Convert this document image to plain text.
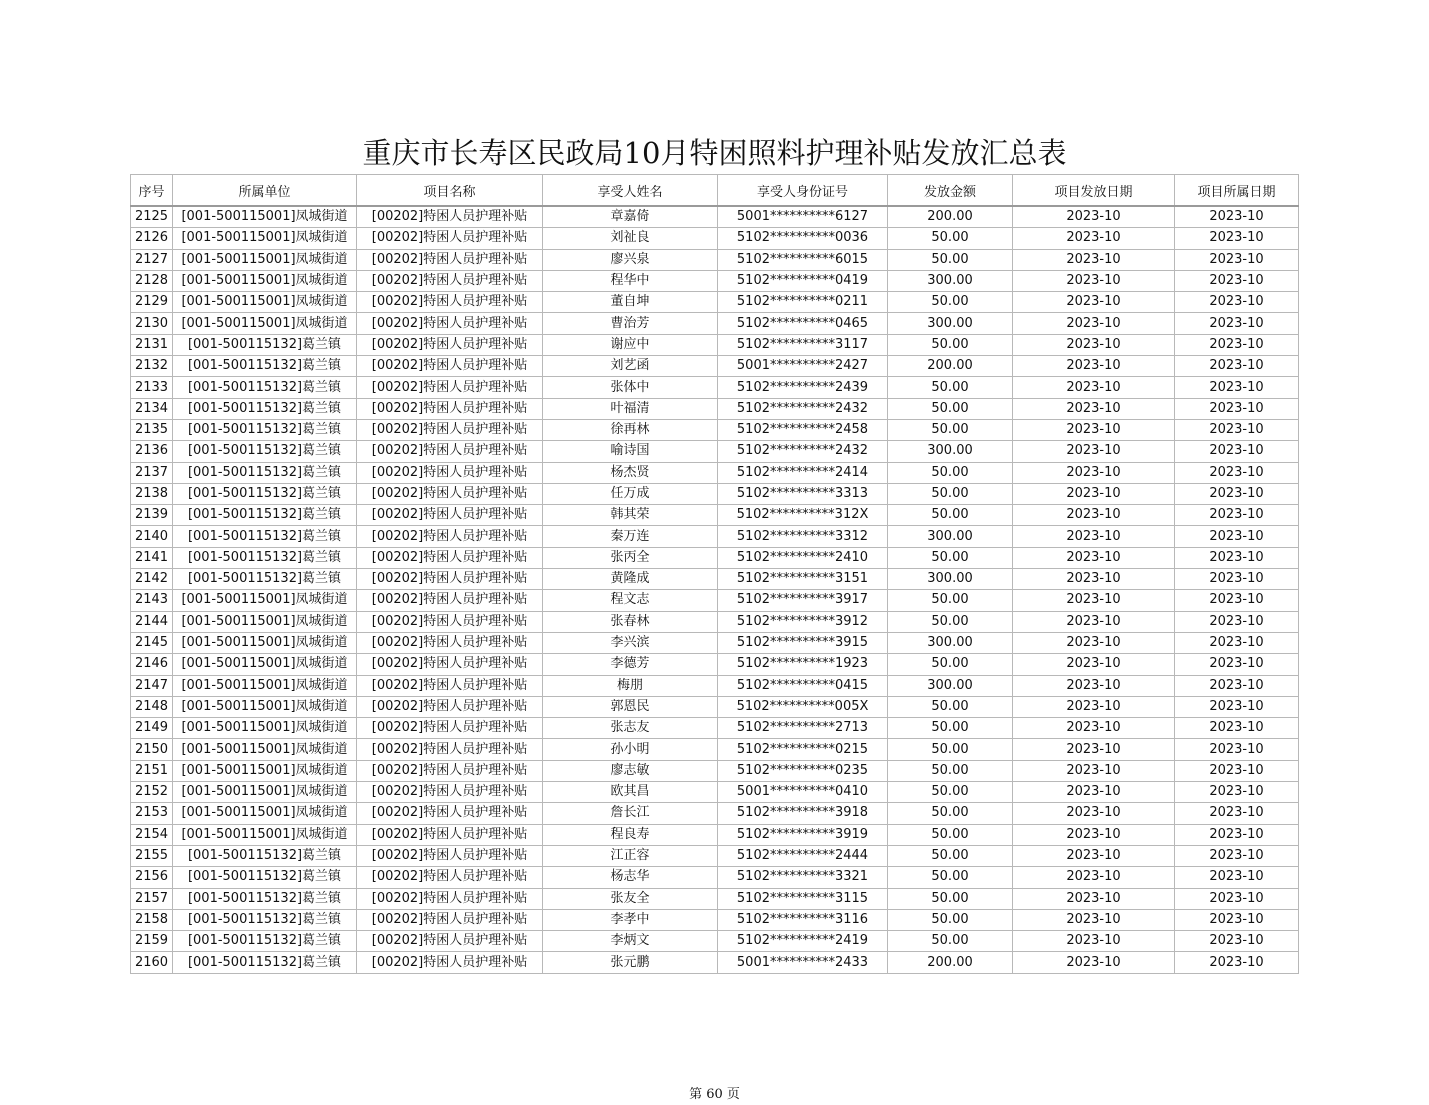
重庆市长寿区民政局10月特困照料护理补贴发放汇总表
序号	所属单位	项目名称	享受人姓名	享受人身份证号	发放金额	项目发放日期	项目所属日期
2125	[001-500115001]凤城街道	[00202]特困人员护理补贴	章嘉倚	5001**********6127	200.00	2023-10	2023-10
2126	[001-500115001]凤城街道	[00202]特困人员护理补贴	刘祉良	5102**********0036	50.00	2023-10	2023-10
2127	[001-500115001]凤城街道	[00202]特困人员护理补贴	廖兴泉	5102**********6015	50.00	2023-10	2023-10
2128	[001-500115001]凤城街道	[00202]特困人员护理补贴	程华中	5102**********0419	300.00	2023-10	2023-10
2129	[001-500115001]凤城街道	[00202]特困人员护理补贴	董自坤	5102**********0211	50.00	2023-10	2023-10
2130	[001-500115001]凤城街道	[00202]特困人员护理补贴	曹治芳	5102**********0465	300.00	2023-10	2023-10
2131	[001-500115132]葛兰镇	[00202]特困人员护理补贴	谢应中	5102**********3117	50.00	2023-10	2023-10
2132	[001-500115132]葛兰镇	[00202]特困人员护理补贴	刘艺函	5001**********2427	200.00	2023-10	2023-10
2133	[001-500115132]葛兰镇	[00202]特困人员护理补贴	张体中	5102**********2439	50.00	2023-10	2023-10
2134	[001-500115132]葛兰镇	[00202]特困人员护理补贴	叶福清	5102**********2432	50.00	2023-10	2023-10
2135	[001-500115132]葛兰镇	[00202]特困人员护理补贴	徐再林	5102**********2458	50.00	2023-10	2023-10
2136	[001-500115132]葛兰镇	[00202]特困人员护理补贴	喻诗国	5102**********2432	300.00	2023-10	2023-10
2137	[001-500115132]葛兰镇	[00202]特困人员护理补贴	杨杰贤	5102**********2414	50.00	2023-10	2023-10
2138	[001-500115132]葛兰镇	[00202]特困人员护理补贴	任万成	5102**********3313	50.00	2023-10	2023-10
2139	[001-500115132]葛兰镇	[00202]特困人员护理补贴	韩其荣	5102**********312X	50.00	2023-10	2023-10
2140	[001-500115132]葛兰镇	[00202]特困人员护理补贴	秦万连	5102**********3312	300.00	2023-10	2023-10
2141	[001-500115132]葛兰镇	[00202]特困人员护理补贴	张丙全	5102**********2410	50.00	2023-10	2023-10
2142	[001-500115132]葛兰镇	[00202]特困人员护理补贴	黄隆成	5102**********3151	300.00	2023-10	2023-10
2143	[001-500115001]凤城街道	[00202]特困人员护理补贴	程文志	5102**********3917	50.00	2023-10	2023-10
2144	[001-500115001]凤城街道	[00202]特困人员护理补贴	张春林	5102**********3912	50.00	2023-10	2023-10
2145	[001-500115001]凤城街道	[00202]特困人员护理补贴	李兴滨	5102**********3915	300.00	2023-10	2023-10
2146	[001-500115001]凤城街道	[00202]特困人员护理补贴	李德芳	5102**********1923	50.00	2023-10	2023-10
2147	[001-500115001]凤城街道	[00202]特困人员护理补贴	梅朋	5102**********0415	300.00	2023-10	2023-10
2148	[001-500115001]凤城街道	[00202]特困人员护理补贴	郭恩民	5102**********005X	50.00	2023-10	2023-10
2149	[001-500115001]凤城街道	[00202]特困人员护理补贴	张志友	5102**********2713	50.00	2023-10	2023-10
2150	[001-500115001]凤城街道	[00202]特困人员护理补贴	孙小明	5102**********0215	50.00	2023-10	2023-10
2151	[001-500115001]凤城街道	[00202]特困人员护理补贴	廖志敏	5102**********0235	50.00	2023-10	2023-10
2152	[001-500115001]凤城街道	[00202]特困人员护理补贴	欧其昌	5001**********0410	50.00	2023-10	2023-10
2153	[001-500115001]凤城街道	[00202]特困人员护理补贴	詹长江	5102**********3918	50.00	2023-10	2023-10
2154	[001-500115001]凤城街道	[00202]特困人员护理补贴	程良寿	5102**********3919	50.00	2023-10	2023-10
2155	[001-500115132]葛兰镇	[00202]特困人员护理补贴	江正容	5102**********2444	50.00	2023-10	2023-10
2156	[001-500115132]葛兰镇	[00202]特困人员护理补贴	杨志华	5102**********3321	50.00	2023-10	2023-10
2157	[001-500115132]葛兰镇	[00202]特困人员护理补贴	张友全	5102**********3115	50.00	2023-10	2023-10
2158	[001-500115132]葛兰镇	[00202]特困人员护理补贴	李孝中	5102**********3116	50.00	2023-10	2023-10
2159	[001-500115132]葛兰镇	[00202]特困人员护理补贴	李炳文	5102**********2419	50.00	2023-10	2023-10
2160	[001-500115132]葛兰镇	[00202]特困人员护理补贴	张元鹏	5001**********2433	200.00	2023-10	2023-10
第 60 页
